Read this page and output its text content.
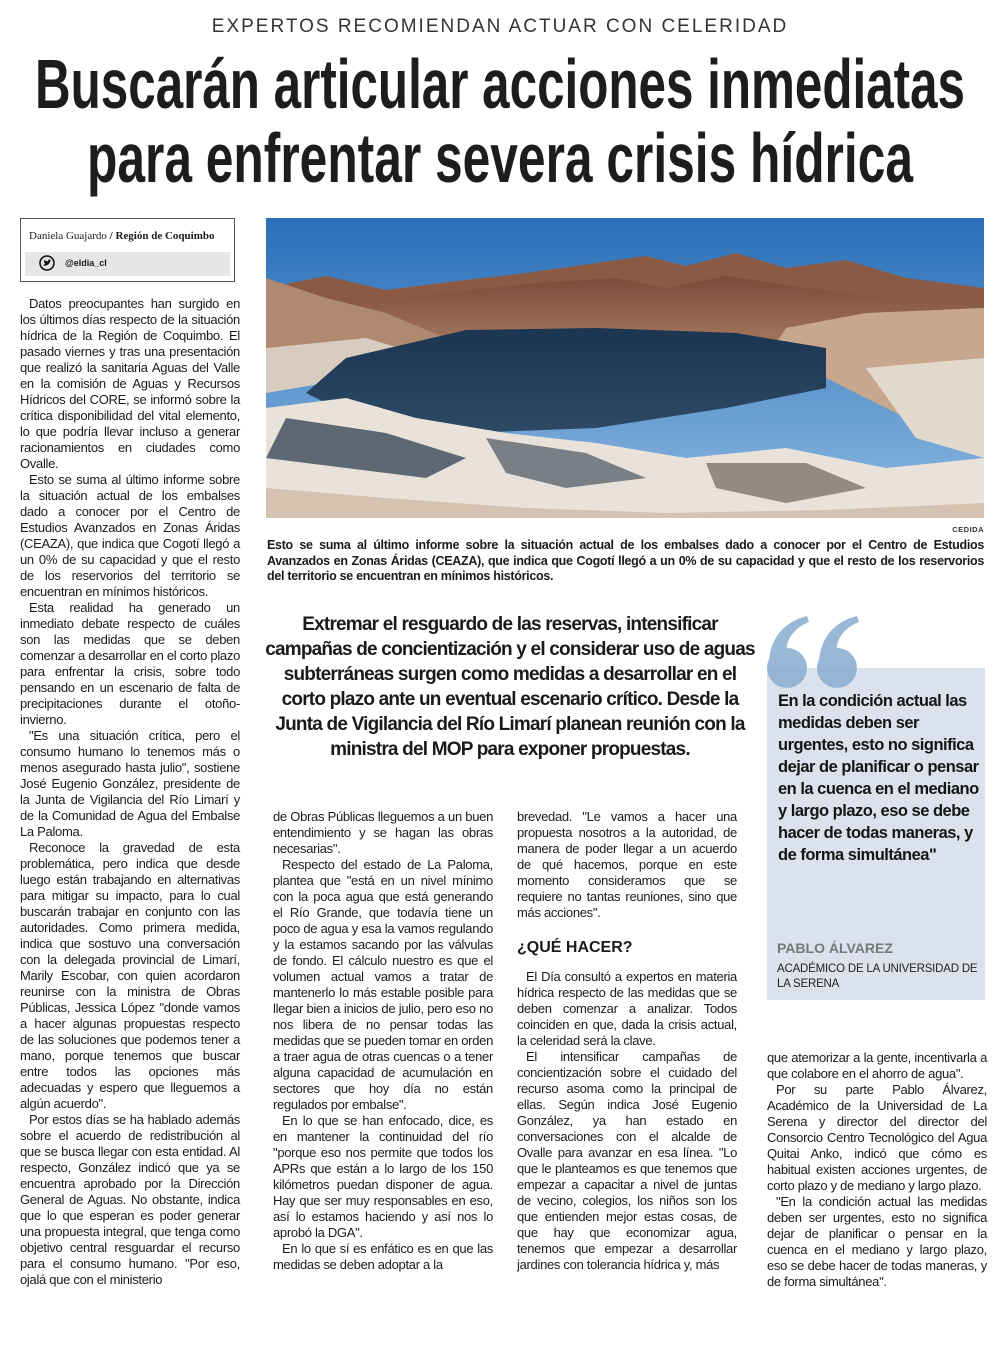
EXPERTOS RECOMIENDAN ACTUAR CON CELERIDAD
Buscarán articular acciones inmediatas
para enfrentar severa crisis hídrica
Daniela Guajardo / Región de Coquimbo
@eldia_cl

Datos preocupantes han surgido en los últimos días respecto de la situación hídrica de la Región de Coquimbo. El pasado viernes y tras una presentación que realizó la sanitaria Aguas del Valle en la comisión de Aguas y Recursos Hídricos del CORE, se informó sobre la crítica disponibilidad del vital elemento, lo que podría llevar incluso a generar racionamientos en ciudades como Ovalle.

Esto se suma al último informe sobre la situación actual de los embalses dado a conocer por el Centro de Estudios Avanzados en Zonas Áridas (CEAZA), que indica que Cogotí llegó a un 0% de su capacidad y que el resto de los reservorios del territorio se encuentran en mínimos históricos.

Esta realidad ha generado un inmediato debate respecto de cuáles son las medidas que se deben comenzar a desarrollar en el corto plazo para enfrentar la crisis, sobre todo pensando en un escenario de falta de precipitaciones durante el otoño-invierno.

"Es una situación crítica, pero el consumo humano lo tenemos más o menos asegurado hasta julio", sostiene José Eugenio González, presidente de la Junta de Vigilancia del Río Limarí y de la Comunidad de Agua del Embalse La Paloma.

Reconoce la gravedad de esta problemática, pero indica que desde luego están trabajando en alternativas para mitigar su impacto, para lo cual buscarán trabajar en conjunto con las autoridades. Como primera medida, indica que sostuvo una conversación con la delegada provincial de Limarí, Marily Escobar, con quien acordaron reunirse con la ministra de Obras Públicas, Jessica López "donde vamos a hacer algunas propuestas respecto de las soluciones que podemos tener a mano, porque tenemos que buscar entre todos las opciones más adecuadas y espero que lleguemos a algún acuerdo".

Por estos días se ha hablado además sobre el acuerdo de redistribución al que se busca llegar con esta entidad. Al respecto, González indicó que ya se encuentra aprobado por la Dirección General de Aguas. No obstante, indica que lo que esperan es poder generar una propuesta integral, que tenga como objetivo central resguardar el recurso para el consumo humano. "Por eso, ojalá que con el ministerio

de Obras Públicas lleguemos a un buen entendimiento y se hagan las obras necesarias".

Respecto del estado de La Paloma, plantea que "está en un nivel mínimo con la poca agua que está generando el Río Grande, que todavía tiene un poco de agua y esa la vamos regulando y la estamos sacando por las válvulas de fondo. El cálculo nuestro es que el volumen actual vamos a tratar de mantenerlo lo más estable posible para llegar bien a inicios de julio, pero eso no nos libera de no pensar todas las medidas que se pueden tomar en orden a traer agua de otras cuencas o a tener alguna capacidad de acumulación en sectores que hoy día no están regulados por embalse".

En lo que se han enfocado, dice, es en mantener la continuidad del río "porque eso nos permite que todos los APRs que están a lo largo de los 150 kilómetros puedan disponer de agua. Hay que ser muy responsables en eso, así lo estamos haciendo y así nos lo aprobó la DGA".

En lo que sí es enfático es en que las medidas se deben adoptar a la

brevedad. "Le vamos a hacer una propuesta nosotros a la autoridad, de manera de poder llegar a un acuerdo de qué hacemos, porque en este momento consideramos que se requiere no tantas reuniones, sino que más acciones".

¿QUÉ HACER?

El Día consultó a expertos en materia hídrica respecto de las medidas que se deben comenzar a analizar. Todos coinciden en que, dada la crisis actual, la celeridad será la clave.

El intensificar campañas de concientización sobre el cuidado del recurso asoma como la principal de ellas. Según indica José Eugenio González, ya han estado en conversaciones con el alcalde de Ovalle para avanzar en esa línea. "Lo que le planteamos es que tenemos que empezar a capacitar a nivel de juntas de vecino, colegios, los niños son los que entienden mejor estas cosas, de que hay que economizar agua, tenemos que empezar a desarrollar jardines con tolerancia hídrica y, más

que atemorizar a la gente, incentivarla a que colabore en el ahorro de agua".

Por su parte Pablo Álvarez, Académico de la Universidad de La Serena y director del director del Consorcio Centro Tecnológico del Agua Quitai Anko, indicó que cómo es habitual existen acciones urgentes, de corto plazo y de mediano y largo plazo.

"En la condición actual las medidas deben ser urgentes, esto no significa dejar de planificar o pensar en la cuenca en el mediano y largo plazo, eso se debe hacer de todas maneras, y de forma simultánea".

CEDIDA
Esto se suma al último informe sobre la situación actual de los embalses dado a conocer por el Centro de Estudios Avanzados en Zonas Áridas (CEAZA), que indica que Cogotí llegó a un 0% de su capacidad y que el resto de los reservorios del territorio se encuentran en mínimos históricos.
Extremar el resguardo de las reservas, intensificar campañas de concientización y el considerar uso de aguas subterráneas surgen como medidas a desarrollar en el corto plazo ante un eventual escenario crítico. Desde la Junta de Vigilancia del Río Limarí planean reunión con la ministra del MOP para exponer propuestas.
En la condición actual las medidas deben ser urgentes, esto no significa dejar de planificar o pensar en la cuenca en el mediano y largo plazo, eso se debe hacer de todas maneras, y de forma simultánea"
PABLO ÁLVAREZ
ACADÉMICO DE LA UNIVERSIDAD DE LA SERENA
